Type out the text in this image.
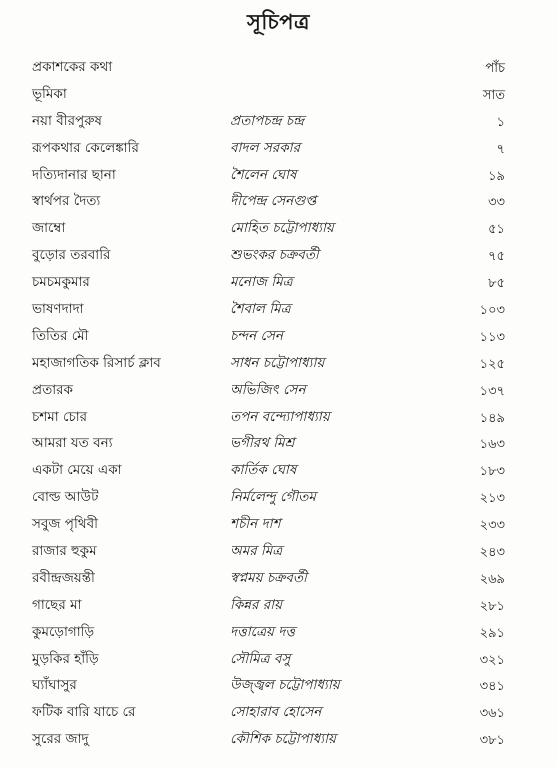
সূচিপত্র
প্রকাশকের কথা	পাঁচ
ভূমিকা	সাত
নয়া বীরপুরুষ	প্রতাপচন্দ্র চন্দ্র	১
রূপকথার কেলেঙ্কারি	বাদল সরকার	৭
দত্যিদানার ছানা	শৈলেন ঘোষ	১৯
স্বার্থপর দৈত্য	দীপেন্দ্র সেনগুপ্ত	৩৩
জাম্বো	মোহিত চট্টোপাধ্যায়	৫১
বুড়োর তরবারি	শুভংকর চক্রবর্তী	৭৫
চমচমকুমার	মনোজ মিত্র	৮৫
ভাষণদাদা	শৈবাল মিত্র	১০৩
তিতির মৌ	চন্দন সেন	১১৩
মহাজাগতিক রিসার্চ ক্লাব	সাধন চট্টোপাধ্যায়	১২৫
প্রতারক	অভিজিৎ সেন	১৩৭
চশমা চোর	তপন বন্দ্যোপাধ্যায়	১৪৯
আমরা যত বন্য	ভগীরথ মিশ্র	১৬৩
একটা মেয়ে একা	কার্তিক ঘোষ	১৮৩
বোল্ড আউট	নির্মলেন্দু গৌতম	২১৩
সবুজ পৃথিবী	শচীন দাশ	২৩৩
রাজার হুকুম	অমর মিত্র	২৪৩
রবীন্দ্রজয়ন্তী	স্বপ্নময় চক্রবর্তী	২৬৯
গাছের মা	কিন্নর রায়	২৮১
কুমড়োগাড়ি	দত্তাত্রেয় দত্ত	২৯১
মুড়কির হাঁড়ি	সৌমিত্র বসু	৩২১
ঘ্যাঁঘাসুর	উজ্জ্বল চট্টোপাধ্যায়	৩৪১
ফটিক বারি যাচে রে	সোহারাব হোসেন	৩৬১
সুরের জাদু	কৌশিক চট্টোপাধ্যায়	৩৮১
